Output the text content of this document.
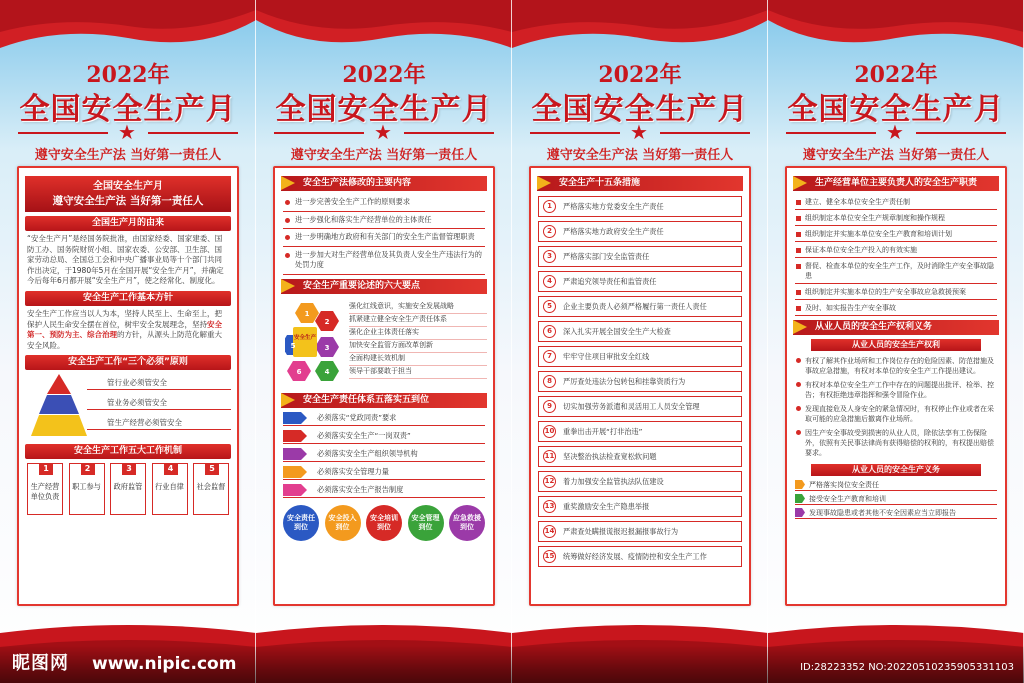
2022年
全国安全生产月
★
遵守安全生产法 当好第一责任人
全国安全生产月
遵守安全生产法 当好第一责任人
全国生产月的由来
“安全生产月”是经国务院批准，由国家经委、国家建委、国防工办、国务院财贸小组、国家农委、公安部、卫生部、国家劳动总局、全国总工会和中央广播事业局等十个部门共同作出决定，于1980年5月在全国开展“安全生产月”，并确定今后每年6月都开展“安全生产月”，使之经常化、制度化。
安全生产工作基本方针
安全生产工作应当以人为本，坚持人民至上、生命至上，把保护人民生命安全摆在首位，树牢安全发展理念，坚持安全第一、预防为主、综合治理的方针，从源头上防范化解重大安全风险。
安全生产工作“三个必须”原则
管行业必须管安全
管业务必须管安全
管生产经营必须管安全
安全生产工作五大工作机制
1
生产经营单位负责
2
职工参与
3
政府监管
4
行业自律
5
社会监督
2022年
全国安全生产月
★
遵守安全生产法 当好第一责任人
安全生产法修改的主要内容
进一步完善安全生产工作的原则要求
进一步强化和落实生产经营单位的主体责任
进一步明确地方政府和有关部门的安全生产监督管理职责
进一步加大对生产经营单位及其负责人安全生产违法行为的处罚力度
安全生产重要论述的六大要点
安全生产
1
2
3
4
6
5
强化红线意识，实施安全发展战略
抓紧建立健全安全生产责任体系
强化企业主体责任落实
加快安全监管方面改革创新
全面构建长效机制
领导干部要敢于担当
安全生产责任体系五落实五到位
必须落实“党政同责”要求
必须落实安全生产“一岗双责”
必须落实安全生产组织领导机构
必须落实安全管理力量
必须落实安全生产报告制度
安全责任
到位
安全投入
到位
安全培训
到位
安全管理
到位
应急救援
到位
2022年
全国安全生产月
★
遵守安全生产法 当好第一责任人
安全生产十五条措施
1	严格落实地方党委安全生产责任
2	严格落实地方政府安全生产责任
3	严格落实部门安全监管责任
4	严肃追究领导责任和监管责任
5	企业主要负责人必须严格履行第一责任人责任
6	深入扎实开展全国安全生产大检查
7	牢牢守住项目审批安全红线
8	严厉查处违法分包转包和挂靠资质行为
9	切实加强劳务派遣和灵活用工人员安全管理
10 重拳出击开展“打非治违”
11 坚决整治执法检查宽松软问题
12 着力加强安全监管执法队伍建设
13 重奖激励安全生产隐患举报
14 严肃查处瞒报谎报迟报漏报事故行为
15 统筹做好经济发展、疫情防控和安全生产工作
2022年
全国安全生产月
★
遵守安全生产法 当好第一责任人
生产经营单位主要负责人的安全生产职责
建立、健全本单位安全生产责任制
组织制定本单位安全生产规章制度和操作规程
组织制定并实施本单位安全生产教育和培训计划
保证本单位安全生产投入的有效实施
督促、检查本单位的安全生产工作，及时消除生产安全事故隐患
组织制定并实施本单位的生产安全事故应急救援预案
及时、如实报告生产安全事故
从业人员的安全生产权利义务
从业人员的安全生产权利
有权了解其作业场所和工作岗位存在的危险因素、防范措施及事故应急措施，有权对本单位的安全生产工作提出建议。
有权对本单位安全生产工作中存在的问题提出批评、检举、控告；有权拒绝违章指挥和强令冒险作业。
发现直接危及人身安全的紧急情况时，有权停止作业或者在采取可能的应急措施后撤离作业场所。
因生产安全事故受到损害的从业人员，除依法享有工伤保险外，依照有关民事法律尚有获得赔偿的权利的，有权提出赔偿要求。
从业人员的安全生产义务
严格落实岗位安全责任
接受安全生产教育和培训
发现事故隐患或者其他不安全因素应当立即报告
昵图网 www.nipic.com	ID:28223352 NO:20220510235905331103
